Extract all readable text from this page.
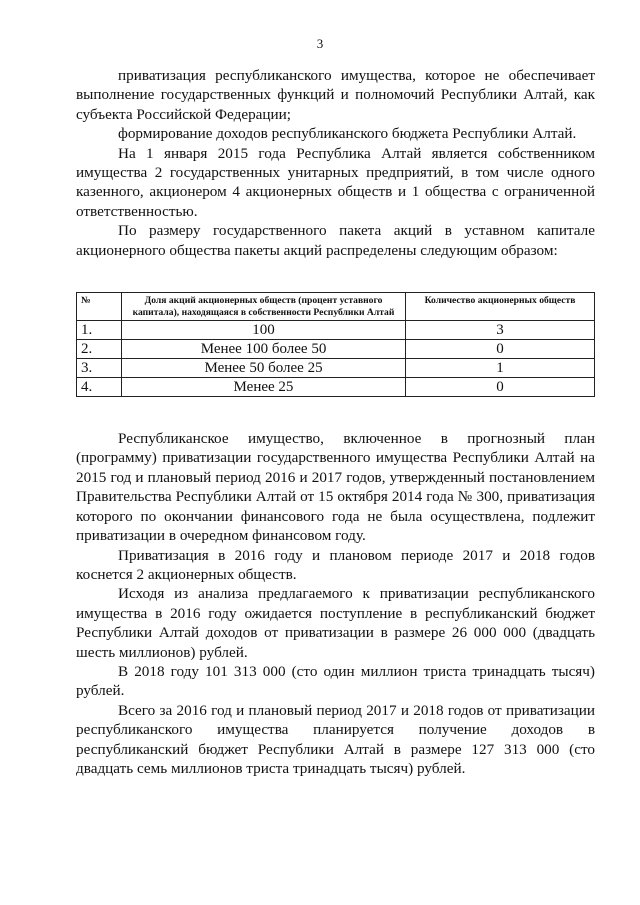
3

приватизация республиканского имущества, которое не обеспечивает выполнение государственных функций и полномочий Республики Алтай, как субъекта Российской Федерации;

формирование доходов республиканского бюджета Республики Алтай.

На 1 января 2015 года Республика Алтай является собственником имущества 2 государственных унитарных предприятий, в том числе одного казенного, акционером 4 акционерных обществ и 1 общества с ограниченной ответственностью.

По размеру государственного пакета акций в уставном капитале акционерного общества пакеты акций распределены следующим образом:

№	Доля акций акционерных обществ (процент уставного капитала), находящаяся в собственности Республики Алтай	Количество акционерных обществ
1.	100	3
2.	Менее 100 более 50	0
3.	Менее 50 более 25	1
4.	Менее 25	0

Республиканское имущество, включенное в прогнозный план (программу) приватизации государственного имущества Республики Алтай на 2015 год и плановый период 2016 и 2017 годов, утвержденный постановлением Правительства Республики Алтай от 15 октября 2014 года № 300, приватизация которого по окончании финансового года не была осуществлена, подлежит приватизации в очередном финансовом году.

Приватизация в 2016 году и плановом периоде 2017 и 2018 годов коснется 2 акционерных обществ.

Исходя из анализа предлагаемого к приватизации республиканского имущества в 2016 году ожидается поступление в республиканский бюджет Республики Алтай доходов от приватизации в размере 26 000 000 (двадцать шесть миллионов) рублей.

В 2018 году 101 313 000 (сто один миллион триста тринадцать тысяч) рублей.

Всего за 2016 год и плановый период 2017 и 2018 годов от приватизации республиканского имущества планируется получение доходов в республиканский бюджет Республики Алтай в размере 127 313 000 (сто двадцать семь миллионов триста тринадцать тысяч) рублей.
